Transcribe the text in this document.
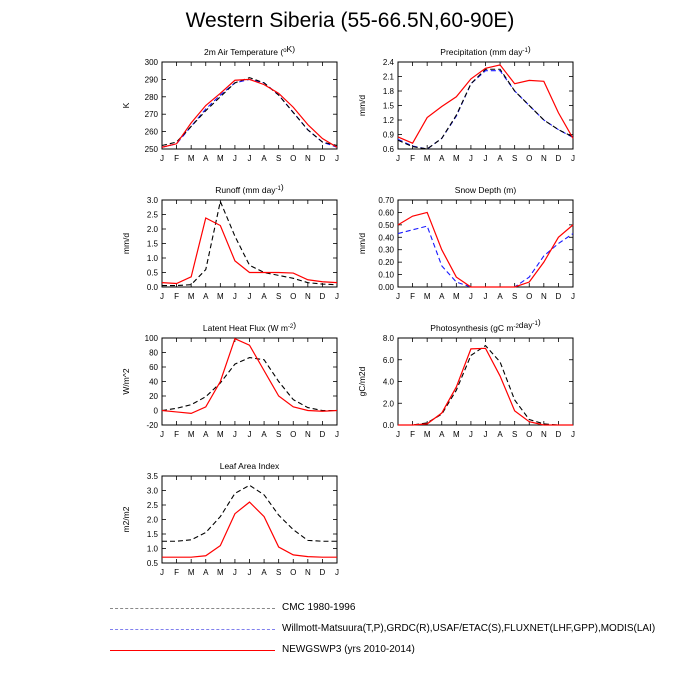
Western Siberia (55-66.5N,60-90E)
J F M A M J J A S O N D J
250
260
270
280
290
300
K
2m Air Temperature ($^o$K)
J F M A M J J A S O N D J
0.6
0.9
1.2
1.5
1.8
2.1
2.4
mm/d
Precipitation (mm day$^{-1}$)
J F M A M J J A S O N D J
0.0
0.5
1.0
1.5
2.0
2.5
3.0
mm/d
Runoff (mm day$^{-1}$)
J F M A M J J A S O N D J
0.00
0.10
0.20
0.30
0.40
0.50
0.60
0.70
mm/d
Snow Depth (m)
J F M A M J J A S O N D J
-20
0
20
40
60
80
100
W/m^2
Latent Heat Flux (W $m^{-2}$)
J F M A M J J A S O N D J
0.0
2.0
4.0
6.0
8.0
gC/m2d
Photosynthesis (gC $m^{-2}day^{-1}$)
J F M A M J J A S O N D J
0.5
1.0
1.5
2.0
2.5
3.0
3.5
m2/m2
Leaf Area Index
CMC 1980-1996
Willmott-Matsuura(T,P),GRDC(R),USAF/ETAC(S),FLUXNET(LHF,GPP),MODIS(LAI)
NEWGSWP3 (yrs 2010-2014)
